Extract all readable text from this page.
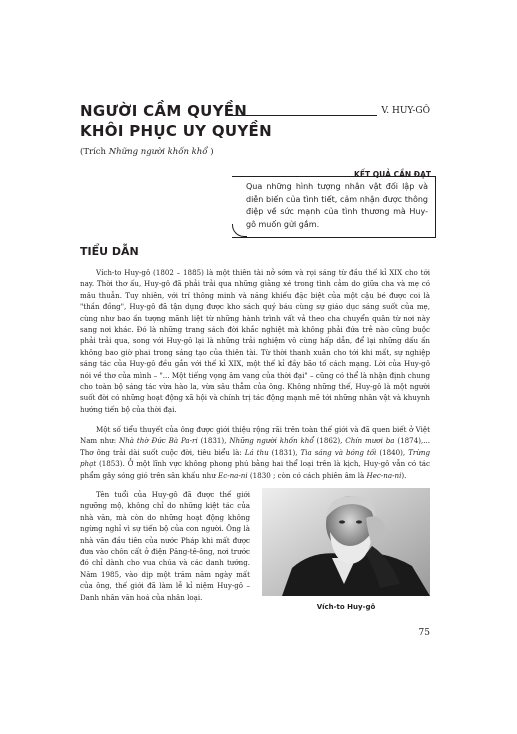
NGƯỜI CẦM QUYỀN	V. HUY-GÔ
KHÔI PHỤC UY QUYỀN
(Trích Những người khốn khổ )
KẾT QUẢ CẦN ĐẠT
Qua những hình tượng nhân vật đối lập và diễn biến của tình tiết, cảm nhận được thông điệp về sức mạnh của tình thương mà Huy-gô muốn gửi gắm.
TIỂU DẪN
Vích-to Huy-gô (1802 – 1885) là một thiên tài nở sớm và rọi sáng từ đầu thế kỉ XIX cho tới nay. Thời thơ ấu, Huy-gô đã phải trải qua những giằng xé trong tình cảm do giữa cha và mẹ có mâu thuẫn. Tuy nhiên, với trí thông minh và năng khiếu đặc biệt của một cậu bé được coi là "thần đồng", Huy-gô đã tận dụng được kho sách quý báu cùng sự giáo dục sáng suốt của mẹ, cùng như bao ấn tượng mãnh liệt từ những hành trình vất vả theo cha chuyển quân từ nơi này sang nơi khác. Đó là những trang sách đời khắc nghiệt mà không phải đứa trẻ nào cũng buộc phải trải qua, song với Huy-gô lại là những trải nghiệm vô cùng hấp dẫn, để lại những dấu ấn không bao giờ phai trong sáng tạo của thiên tài. Từ thời thanh xuân cho tới khi mất, sự nghiệp sáng tác của Huy-gô đều gắn với thế kỉ XIX, một thế kỉ đầy bão tố cách mạng. Lời của Huy-gô nói về thơ của mình – "... Một tiếng vọng âm vang của thời đại" – cũng có thể là nhận định chung cho toàn bộ sáng tác vừa hào la, vừa sâu thẳm của ông. Không những thế, Huy-gô là một người suốt đời có những hoạt động xã hội và chính trị tác động mạnh mẽ tới những nhân vật và khuynh hướng tiến bộ của thời đại.
Một số tiểu thuyết của ông được giới thiệu rộng rãi trên toàn thế giới và đã quen biết ở Việt Nam như: Nhà thờ Đức Bà Pa-ri (1831), Những người khốn khổ (1862), Chín mươi ba (1874),... Thơ ông trải dài suốt cuộc đời, tiêu biểu là: Lá thu (1831), Tia sáng và bóng tối (1840), Trừng phạt (1853). Ở một lĩnh vực không phong phú bằng hai thể loại trên là kịch, Huy-gô vẫn có tác phẩm gây sóng gió trên sân khấu như Ec-na-ni (1830 ; còn có cách phiên âm là Hec-na-ni).
Tên tuổi của Huy-gô đã được thế giới ngưỡng mộ, không chỉ do những kiệt tác của nhà văn, mà còn do những hoạt động không ngừng nghỉ vì sự tiến bộ của con người. Ông là nhà văn đầu tiên của nước Pháp khi mất được đưa vào chôn cất ở điện Păng-tê-ông, nơi trước đó chỉ dành cho vua chúa và các danh tướng. Năm 1985, vào dịp một trăm năm ngày mất của ông, thế giới đã làm lễ kỉ niệm Huy-gô – Danh nhân văn hoá của nhân loại.
Vích-to Huy-gô
75
